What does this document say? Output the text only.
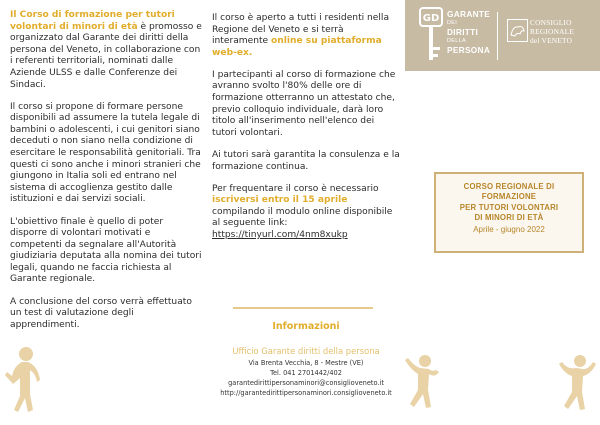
Il Corso di formazione per tutori volontari di minori di età è promosso e organizzato dal Garante dei diritti della persona del Veneto, in collaborazione con i referenti territoriali, nominati dalle Aziende ULSS e dalle Conferenze dei Sindaci.

Il corso si propone di formare persone disponibili ad assumere la tutela legale di bambini o adolescenti, i cui genitori siano deceduti o non siano nella condizione di esercitare le responsabilità genitoriali. Tra questi ci sono anche i minori stranieri che giungono in Italia soli ed entrano nel sistema di accoglienza gestito dalle istituzioni e dai servizi sociali.

L'obiettivo finale è quello di poter disporre di volontari motivati e competenti da segnalare all'Autorità giudiziaria deputata alla nomina dei tutori legali, quando ne faccia richiesta al Garante regionale.

A conclusione del corso verrà effettuato un test di valutazione degli apprendimenti.

Il corso è aperto a tutti i residenti nella Regione del Veneto e si terrà interamente online su piattaforma web-ex.

I partecipanti al corso di formazione che avranno svolto l'80% delle ore di formazione otterranno un attestato che, previo colloquio individuale, darà loro titolo all'inserimento nell'elenco dei tutori volontari.

Ai tutori sarà garantita la consulenza e la formazione continua.

Per frequentare il corso è necessario iscriversi entro il 15 aprile compilando il modulo online disponibile al seguente link:
https://tinyurl.com/4nm8xukp

Informazioni
Ufficio Garante diritti della persona
Via Brenta Vecchia, 8 - Mestre (VE)
Tel. 041 2701442/402
garantedirittipersonaminori@consiglioveneto.it
http://garantedirittipersonaminori.consiglioveneto.it
GD GARANTE
DEI
DIRITTI
DELLA
PERSONA
CONSIGLIO
REGIONALE
del VENETO
CORSO REGIONALE DI
FORMAZIONE
PER TUTORI VOLONTARI
DI MINORI DI ETÀ
Aprile - giugno 2022
